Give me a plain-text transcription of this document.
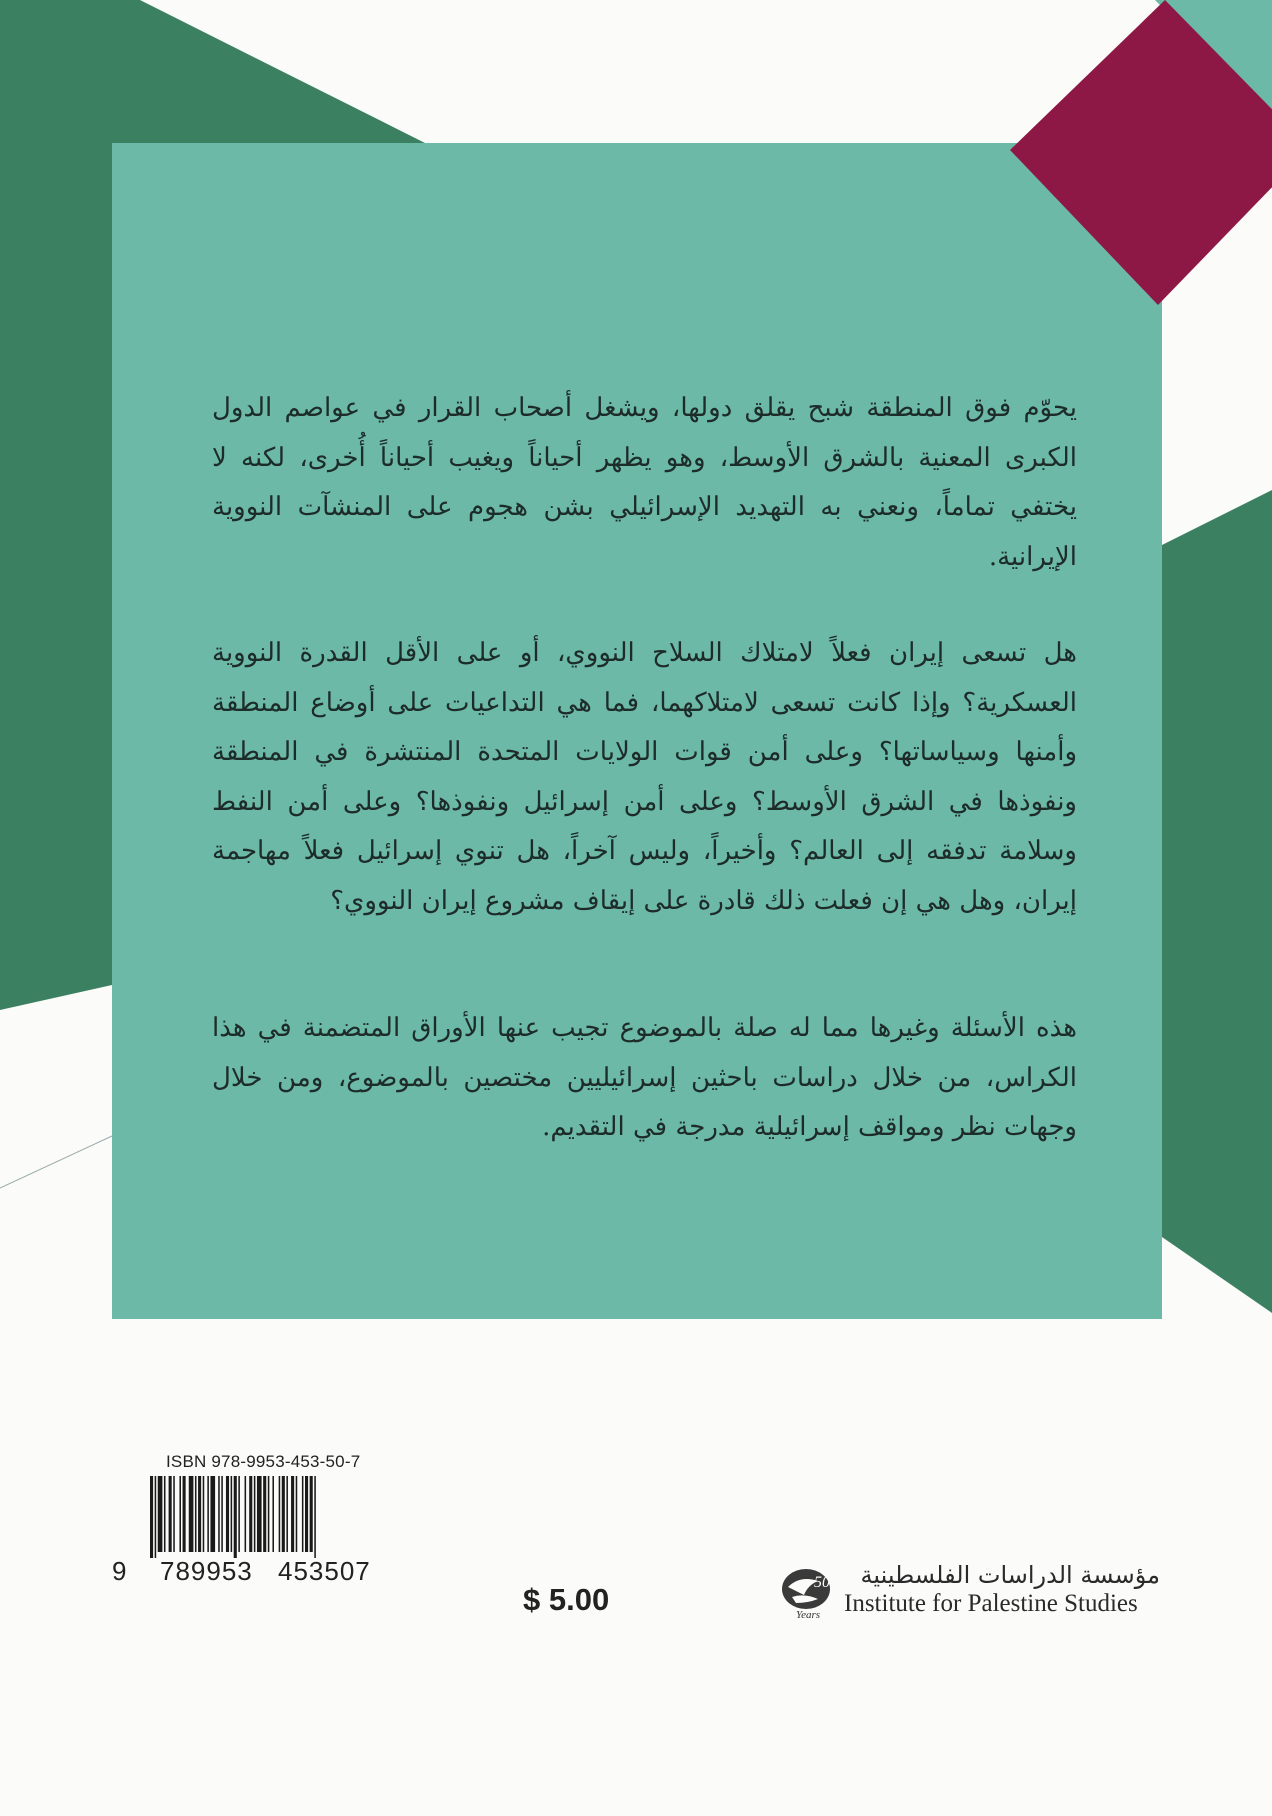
يحوّم فوق المنطقة شبح يقلق دولها، ويشغل أصحاب القرار في عواصم الدول الكبرى المعنية بالشرق الأوسط، وهو يظهر أحياناً ويغيب أحياناً أُخرى، لكنه لا يختفي تماماً، ونعني به التهديد الإسرائيلي بشن هجوم على المنشآت النووية الإيرانية.

هل تسعى إيران فعلاً لامتلاك السلاح النووي، أو على الأقل القدرة النووية العسكرية؟ وإذا كانت تسعى لامتلاكهما، فما هي التداعيات على أوضاع المنطقة وأمنها وسياساتها؟ وعلى أمن قوات الولايات المتحدة المنتشرة في المنطقة ونفوذها في الشرق الأوسط؟ وعلى أمن إسرائيل ونفوذها؟ وعلى أمن النفط وسلامة تدفقه إلى العالم؟ وأخيراً، وليس آخراً، هل تنوي إسرائيل فعلاً مهاجمة إيران، وهل هي إن فعلت ذلك قادرة على إيقاف مشروع إيران النووي؟

هذه الأسئلة وغيرها مما له صلة بالموضوع تجيب عنها الأوراق المتضمنة في هذا الكراس، من خلال دراسات باحثين إسرائيليين مختصين بالموضوع، ومن خلال وجهات نظر ومواقف إسرائيلية مدرجة في التقديم.

ISBN 978-9953-453-50-7
9 789953 453507
$ 5.00	50
Years
مؤسسة الدراسات الفلسطينية
Institute for Palestine Studies
